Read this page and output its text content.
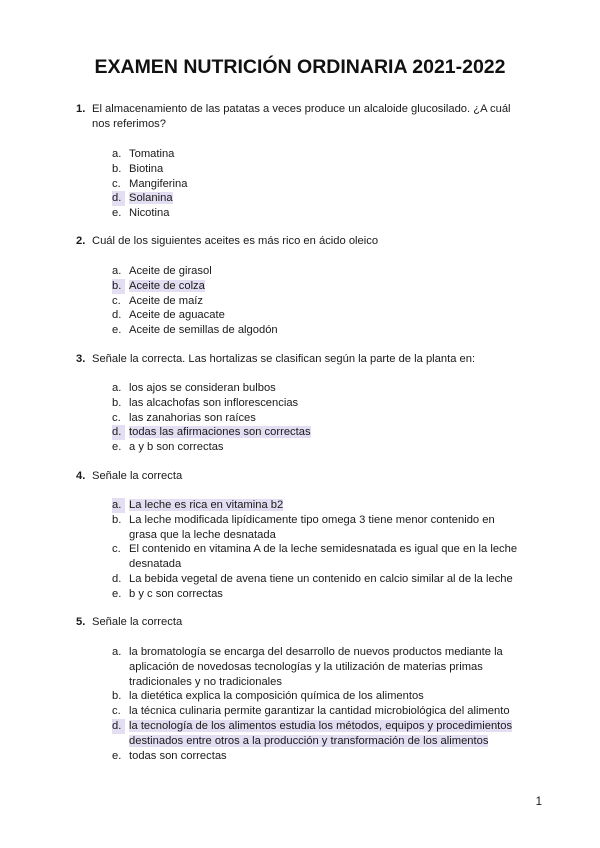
EXAMEN NUTRICIÓN ORDINARIA 2021-2022
1. El almacenamiento de las patatas a veces produce un alcaloide glucosilado. ¿A cuál nos referimos?
a. Tomatina
b. Biotina
c. Mangiferina
d. Solanina
e. Nicotina
2. Cuál de los siguientes aceites es más rico en ácido oleico
a. Aceite de girasol
b. Aceite de colza
c. Aceite de maíz
d. Aceite de aguacate
e. Aceite de semillas de algodón
3. Señale la correcta. Las hortalizas se clasifican según la parte de la planta en:
a. los ajos se consideran bulbos
b. las alcachofas son inflorescencias
c. las zanahorias son raíces
d. todas las afirmaciones son correctas
e. a y b son correctas
4. Señale la correcta
a. La leche es rica en vitamina b2
b. La leche modificada lipídicamente tipo omega 3 tiene menor contenido en grasa que la leche desnatada
c. El contenido en vitamina A de la leche semidesnatada es igual que en la leche desnatada
d. La bebida vegetal de avena tiene un contenido en calcio similar al de la leche
e. b y c son correctas
5. Señale la correcta
a. la bromatología se encarga del desarrollo de nuevos productos mediante la aplicación de novedosas tecnologías y la utilización de materias primas tradicionales y no tradicionales
b. la dietética explica la composición química de los alimentos
c. la técnica culinaria permite garantizar la cantidad microbiológica del alimento
d. la tecnología de los alimentos estudia los métodos, equipos y procedimientos destinados entre otros a la producción y transformación de los alimentos
e. todas son correctas
1
